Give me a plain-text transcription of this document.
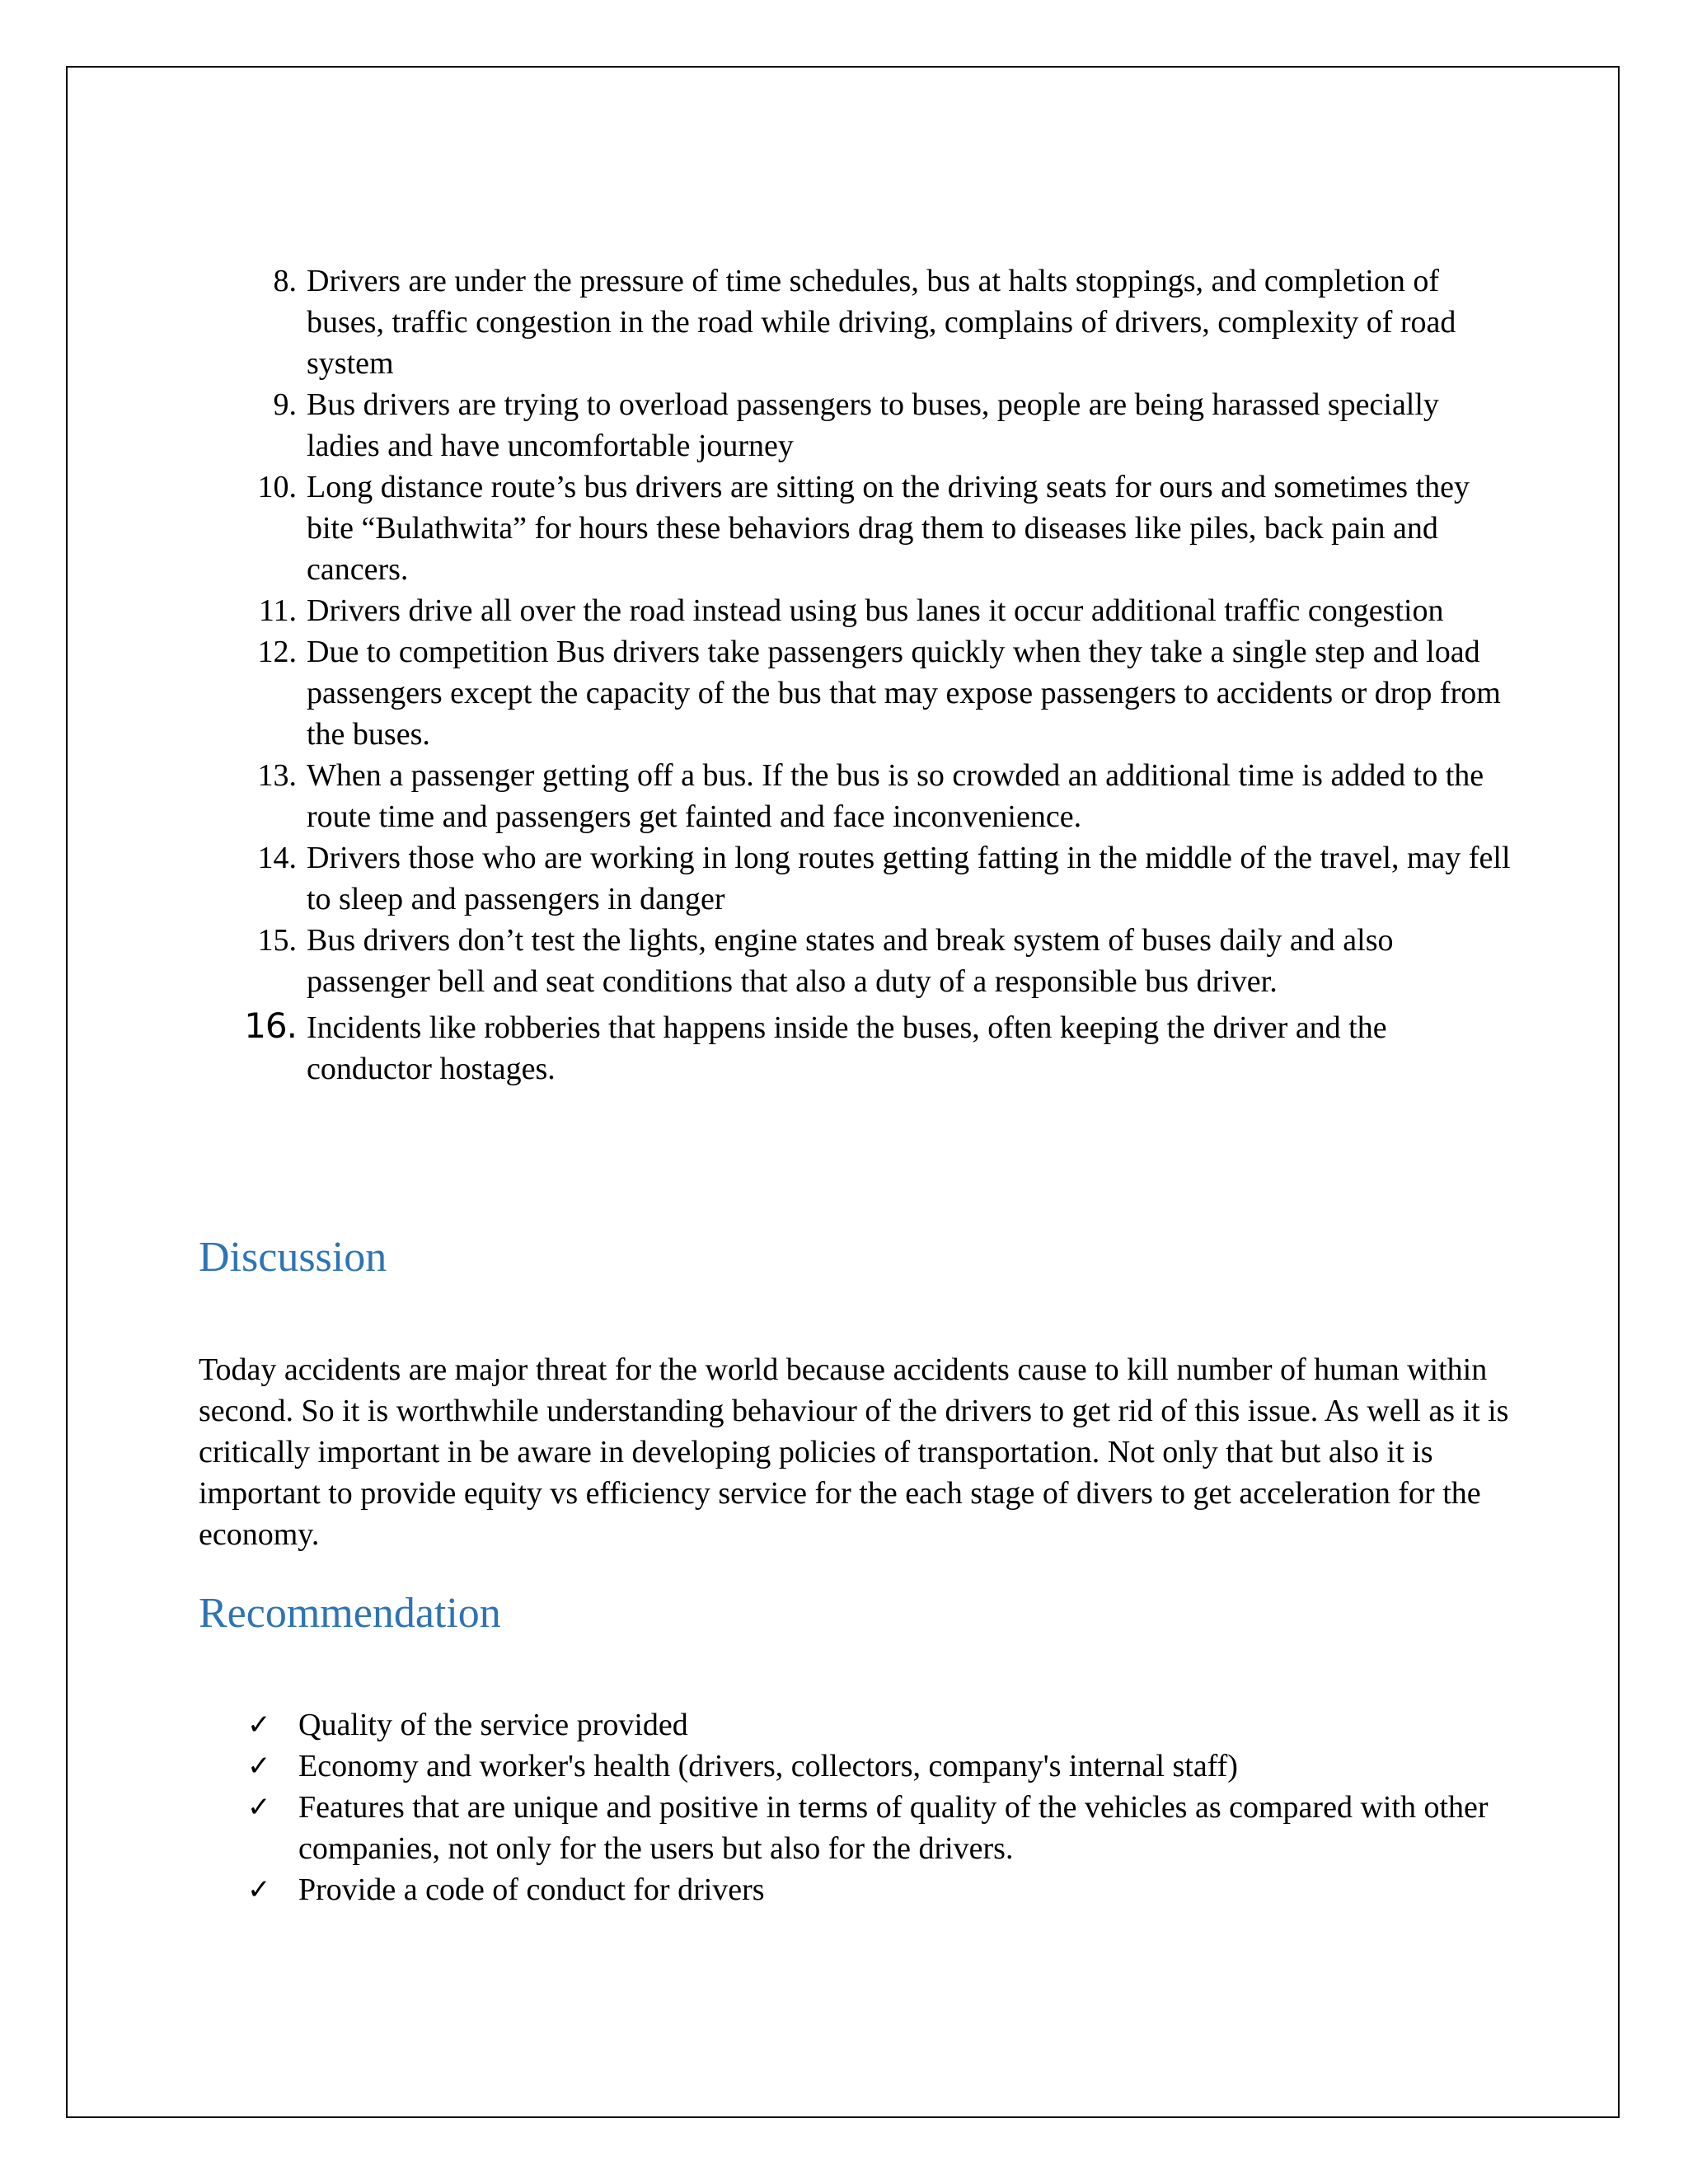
8. Drivers are under the pressure of time schedules, bus at halts stoppings, and completion of buses, traffic congestion in the road while driving, complains of drivers, complexity of road system
9. Bus drivers are trying to overload passengers to buses, people are being harassed specially ladies and have uncomfortable journey
10. Long distance route’s bus drivers are sitting on the driving seats for ours and sometimes they bite “Bulathwita” for hours these behaviors drag them to diseases like piles, back pain and cancers.
11. Drivers drive all over the road instead using bus lanes it occur additional traffic congestion
12. Due to competition Bus drivers take passengers quickly when they take a single step and load passengers except the capacity of the bus that may expose passengers to accidents or drop from the buses.
13. When a passenger getting off a bus. If the bus is so crowded an additional time is added to the route time and passengers get fainted and face inconvenience.
14. Drivers those who are working in long routes getting fatting in the middle of the travel, may fell to sleep and passengers in danger
15. Bus drivers don’t test the lights, engine states and break system of buses daily and also passenger bell and seat conditions that also a duty of a responsible bus driver.
16. Incidents like robberies that happens inside the buses, often keeping the driver and the conductor hostages.
Discussion

Today accidents are major threat for the world because accidents cause to kill number of human within second. So it is worthwhile understanding behaviour of the drivers to get rid of this issue. As well as it is critically important in be aware in developing policies of transportation. Not only that but also it is important to provide equity vs efficiency service for the each stage of divers to get acceleration for the economy.

Recommendation
✓ Quality of the service provided
✓ Economy and worker's health (drivers, collectors, company's internal staff)
✓ Features that are unique and positive in terms of quality of the vehicles as compared with other companies, not only for the users but also for the drivers.
✓ Provide a code of conduct for drivers
